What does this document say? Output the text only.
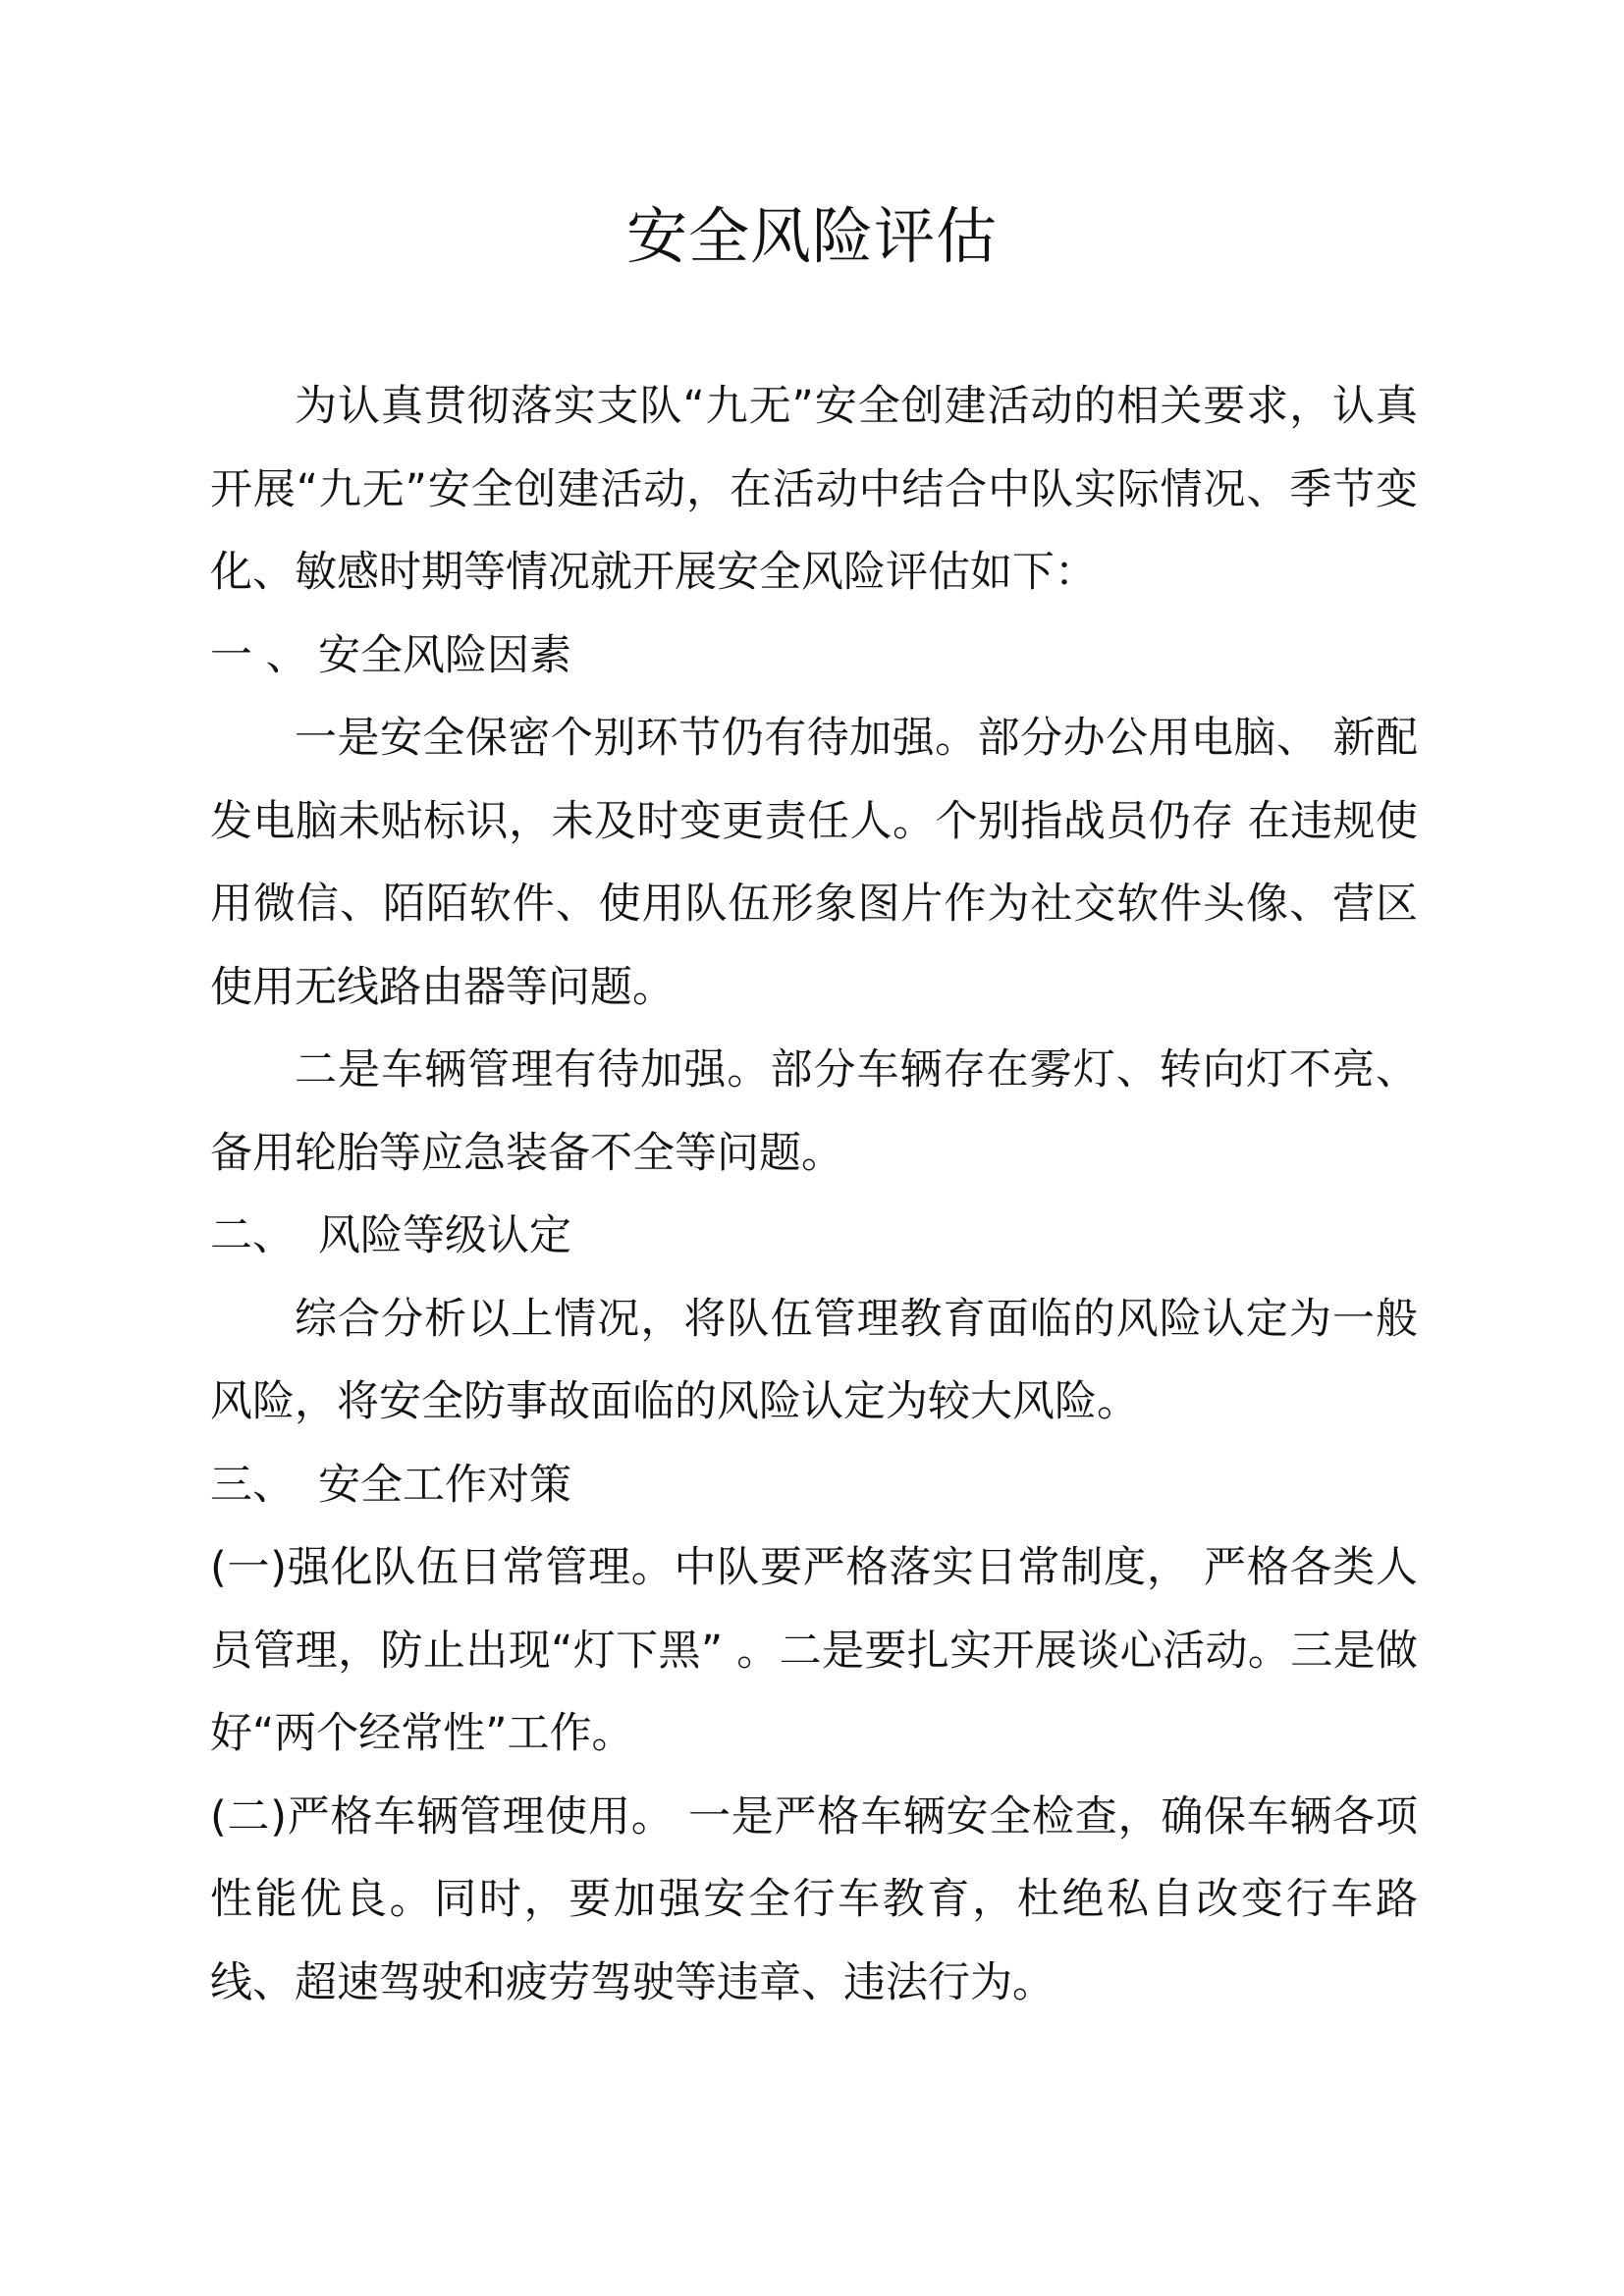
安全风险评估

为认真贯彻落实支队“九无”安全创建活动的相关要求，认真开展“九无”安全创建活动，在活动中结合中队实际情况、季节变化、敏感时期等情况就开展安全风险评估如下：

一 、 安全风险因素

一是安全保密个别环节仍有待加强。部分办公用电脑、 新配发电脑未贴标识，未及时变更责任人。个别指战员仍存 在违规使用微信、陌陌软件、使用队伍形象图片作为社交软件头像、营区使用无线路由器等问题。

二是车辆管理有待加强。部分车辆存在雾灯、转向灯不亮、备用轮胎等应急装备不全等问题。

二、 风险等级认定

综合分析以上情况，将队伍管理教育面临的风险认定为一般风险，将安全防事故面临的风险认定为较大风险。

三、 安全工作对策

(一)强化队伍日常管理。中队要严格落实日常制度， 严格各类人员管理，防止出现“灯下黑” 。二是要扎实开展谈心活动。三是做好“两个经常性”工作。

(二)严格车辆管理使用。 一是严格车辆安全检查，确保车辆各项性能优良。同时，要加强安全行车教育，杜绝私自改变行车路线、超速驾驶和疲劳驾驶等违章、违法行为。
